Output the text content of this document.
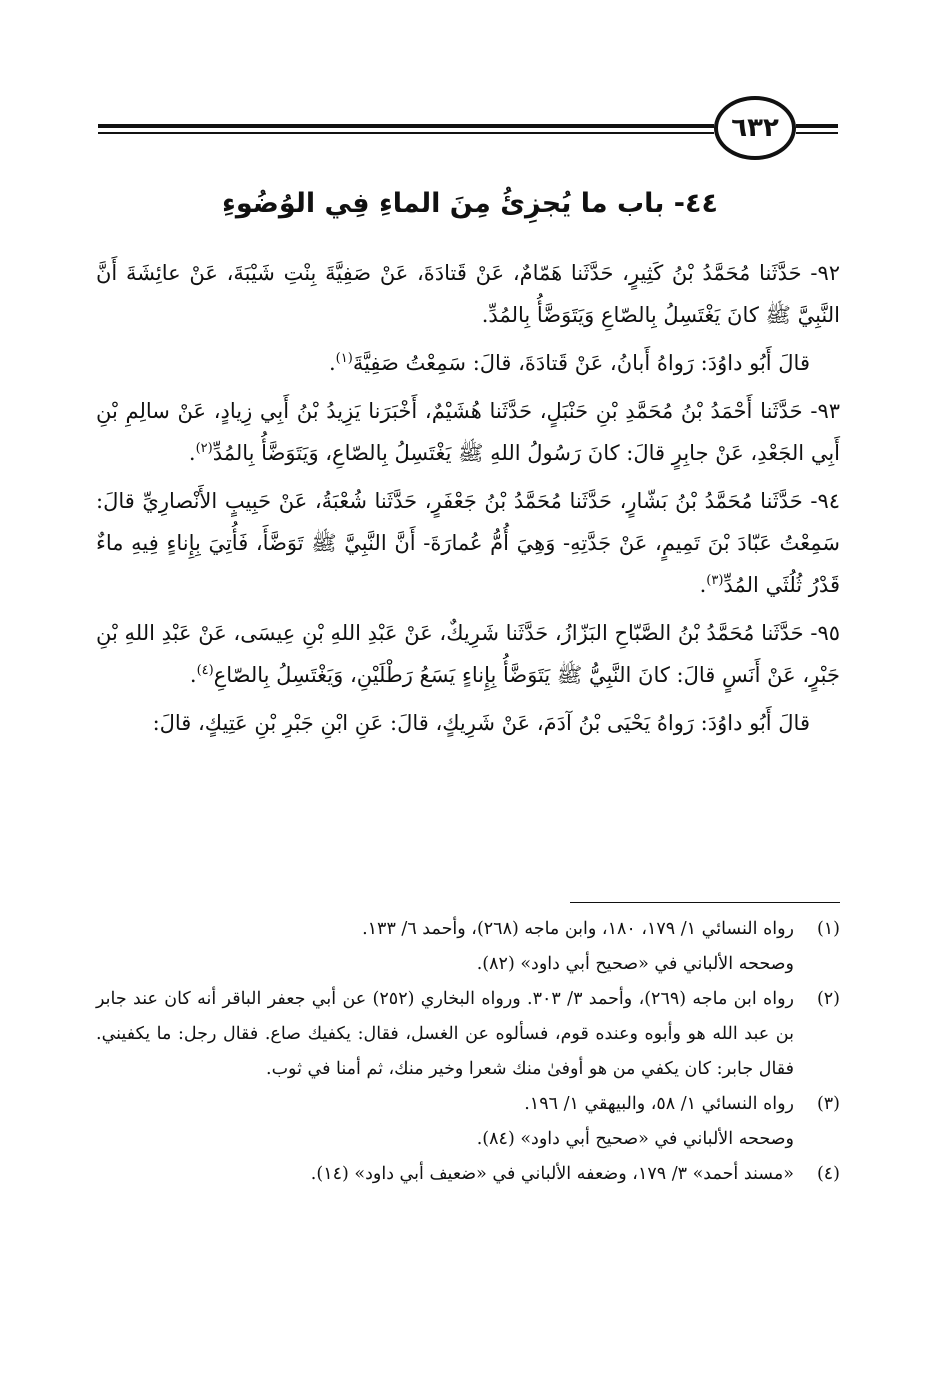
٦٣٢
٤٤- باب ما يُجزِئُ مِنَ الماءِ فِي الوُضُوءِ

٩٢- حَدَّثَنا مُحَمَّدُ بْنُ كَثِيرٍ، حَدَّثَنا هَمّامٌ، عَنْ قَتادَةَ، عَنْ صَفِيَّةَ بِنْتِ شَيْبَةَ، عَنْ عائِشَةَ أَنَّ النَّبِيَّ ﷺ كانَ يَغْتَسِلُ بِالصّاعِ وَيَتَوَضَّأُ بِالمُدِّ.

قالَ أَبُو داوُدَ: رَواهُ أَبانُ، عَنْ قَتادَةَ، قالَ: سَمِعْتُ صَفِيَّةَ$^{(١)}$.

٩٣- حَدَّثَنا أَحْمَدُ بْنُ مُحَمَّدِ بْنِ حَنْبَلٍ، حَدَّثَنا هُشَيْمٌ، أَخْبَرَنا يَزِيدُ بْنُ أَبِي زِيادٍ، عَنْ سالِمِ بْنِ أَبِي الجَعْدِ، عَنْ جابِرٍ قالَ: كانَ رَسُولُ اللهِ ﷺ يَغْتَسِلُ بِالصّاعِ، وَيَتَوَضَّأُ بِالمُدِّ$^{(٢)}$.

٩٤- حَدَّثَنا مُحَمَّدُ بْنُ بَشّارٍ، حَدَّثَنا مُحَمَّدُ بْنُ جَعْفَرٍ، حَدَّثَنا شُعْبَةُ، عَنْ حَبِيبٍ الأَنْصارِيِّ قالَ: سَمِعْتُ عَبّادَ بْنَ تَمِيمٍ، عَنْ جَدَّتِهِ- وَهِيَ أُمُّ عُمارَةَ- أَنَّ النَّبِيَّ ﷺ تَوَضَّأَ، فَأُتِيَ بِإِناءٍ فِيهِ ماءٌ قَدْرُ ثُلُثَي المُدِّ$^{(٣)}$.

٩٥- حَدَّثَنا مُحَمَّدُ بْنُ الصَّبّاحِ البَزّازُ، حَدَّثَنا شَرِيكٌ، عَنْ عَبْدِ اللهِ بْنِ عِيسَى، عَنْ عَبْدِ اللهِ بْنِ جَبْرٍ، عَنْ أَنَسٍ قالَ: كانَ النَّبِيُّ ﷺ يَتَوَضَّأُ بِإِناءٍ يَسَعُ رَطْلَيْنِ، وَيَغْتَسِلُ بِالصّاعِ$^{(٤)}$.

قالَ أَبُو داوُدَ: رَواهُ يَحْيَى بْنُ آدَمَ، عَنْ شَرِيكٍ، قالَ: عَنِ ابْنِ جَبْرِ بْنِ عَتِيكٍ، قالَ:

(١)
رواه النسائي ١/ ١٧٩، ١٨٠، وابن ماجه (٢٦٨)، وأحمد ٦/ ١٣٣.
وصححه الألباني في «صحيح أبي داود» (٨٢).
(٢)
رواه ابن ماجه (٢٦٩)، وأحمد ٣/ ٣٠٣. ورواه البخاري (٢٥٢) عن أبي جعفر الباقر أنه كان عند جابر بن عبد الله هو وأبوه وعنده قوم، فسألوه عن الغسل، فقال: يكفيك صاع. فقال رجل: ما يكفيني. فقال جابر: كان يكفي من هو أوفىٰ منك شعرا وخير منك، ثم أمنا في ثوب.
(٣)
رواه النسائي ١/ ٥٨، والبيهقي ١/ ١٩٦.
وصححه الألباني في «صحيح أبي داود» (٨٤).
(٤)
«مسند أحمد» ٣/ ١٧٩، وضعفه الألباني في «ضعيف أبي داود» (١٤).
